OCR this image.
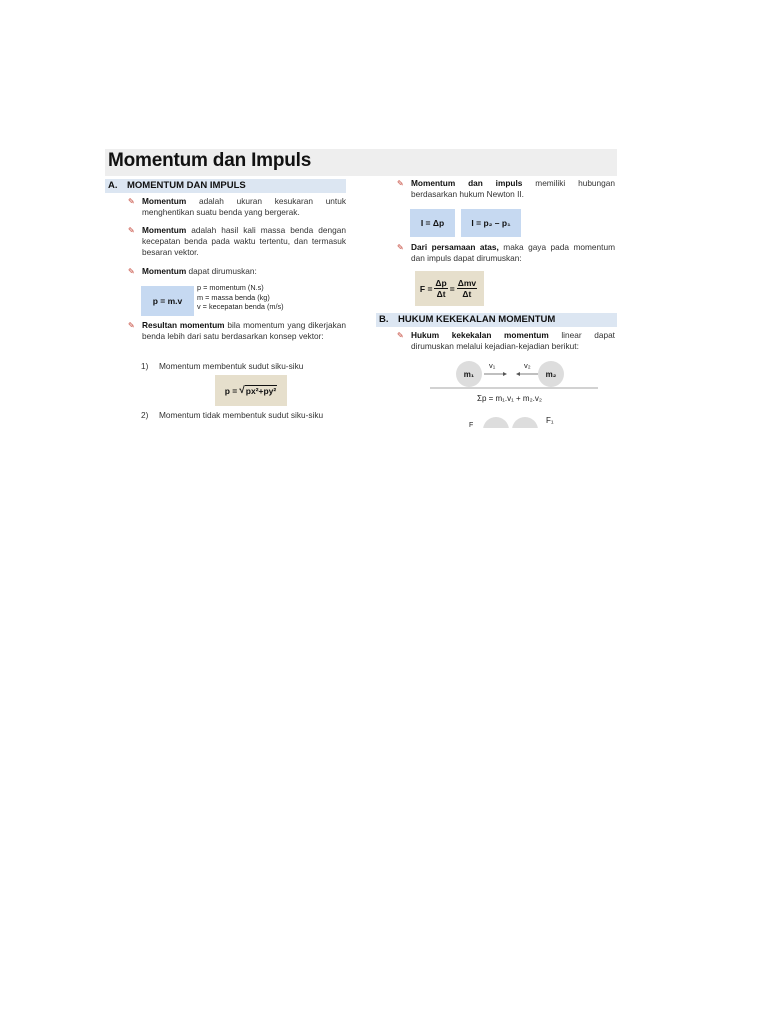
Momentum dan Impuls
A. MOMENTUM DAN IMPULS
✎ Momentum adalah ukuran kesukaran untuk menghentikan suatu benda yang bergerak.
✎ Momentum adalah hasil kali massa benda dengan kecepatan benda pada waktu tertentu, dan termasuk besaran vektor.
✎ Momentum dapat dirumuskan:
p = m.v
p = momentum (N.s)
m = massa benda (kg)
v = kecepatan benda (m/s)
✎ Resultan momentum bila momentum yang dikerjakan benda lebih dari satu berdasarkan konsep vektor:
1) Momentum membentuk sudut siku-siku
p = √ px²+py²
2) Momentum tidak membentuk sudut siku-siku
✎ Momentum dan impuls memiliki hubungan berdasarkan hukum Newton II.
I = Δp	I = p₂ – p₁
✎ Dari persamaan atas, maka gaya pada momentum dan impuls dapat dirumuskan:
$F = \frac{\Delta p}{\Delta t} = \frac{\text{Δmv}}{\Delta t}$
B. HUKUM KEKEKALAN MOMENTUM
✎ Hukum kekekalan momentum linear dapat dirumuskan melalui kejadian-kejadian berikut:
m₁	m₂
v₁	v₂
Σp = m₁.v₁ + m₂.v₂
F₁
F
